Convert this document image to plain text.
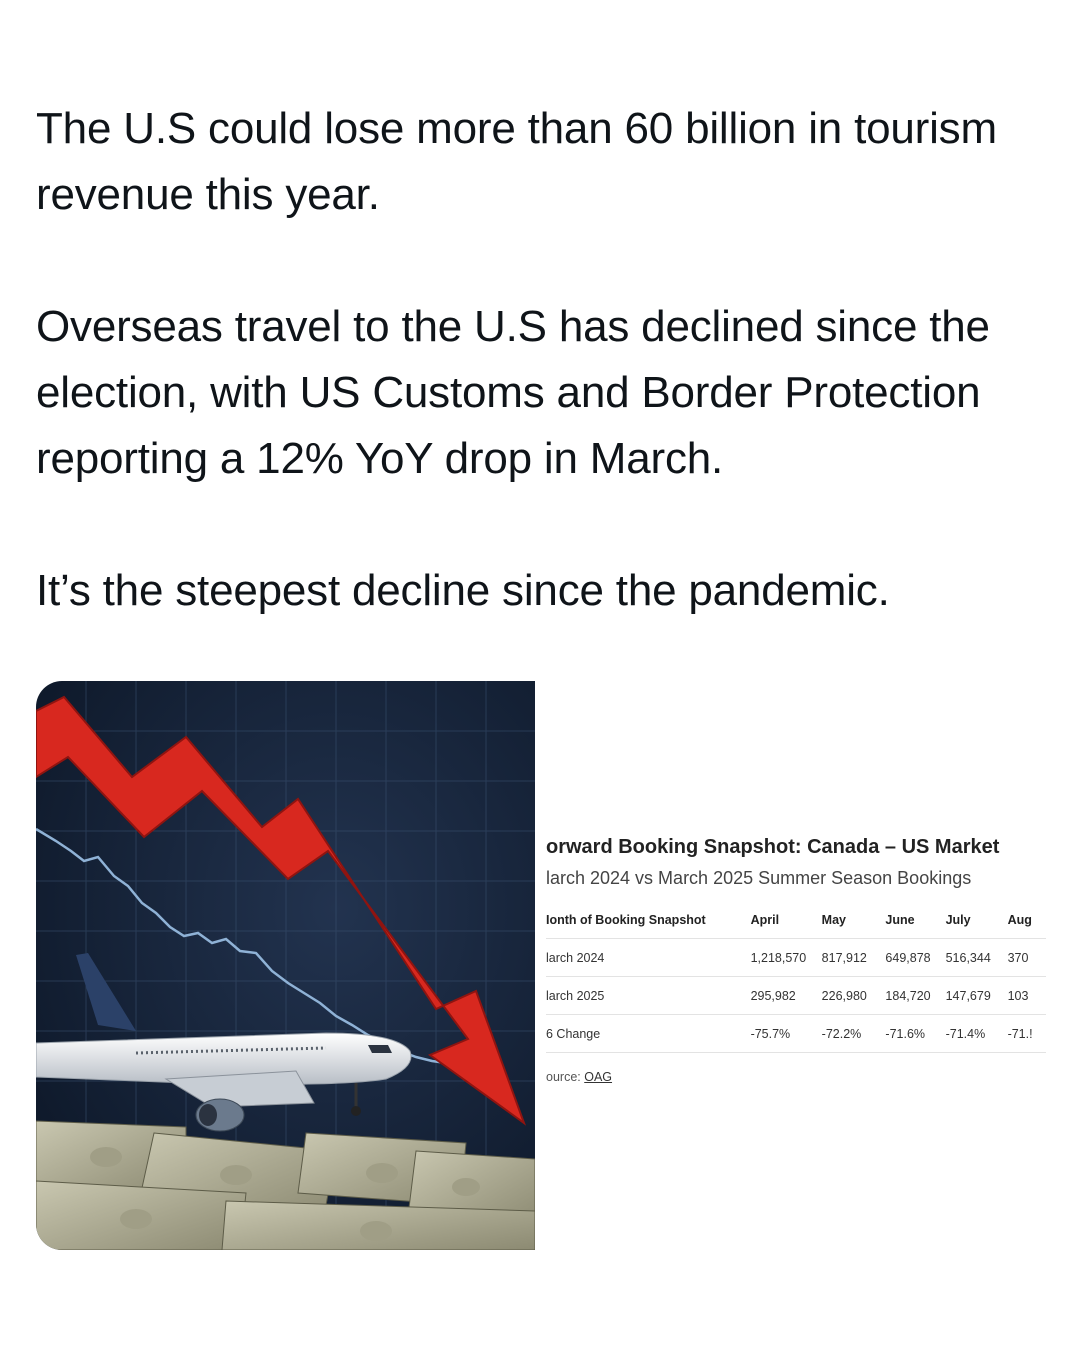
The U.S could lose more than 60 billion in tourism revenue this year.

Overseas travel to the U.S has declined since the election, with US Customs and Border Protection reporting a 12% YoY drop in March.

It’s the steepest decline since the pandemic.

orward Booking Snapshot: Canada – US Market
larch 2024 vs March 2025 Summer Season Bookings
Ionth of Booking Snapshot	April	May	June	July	Aug
larch 2024	1,218,570	817,912	649,878	516,344	370
larch 2025	295,982	226,980	184,720	147,679	103
6 Change	-75.7%	-72.2%	-71.6%	-71.4%	-71.!
ource: OAG
